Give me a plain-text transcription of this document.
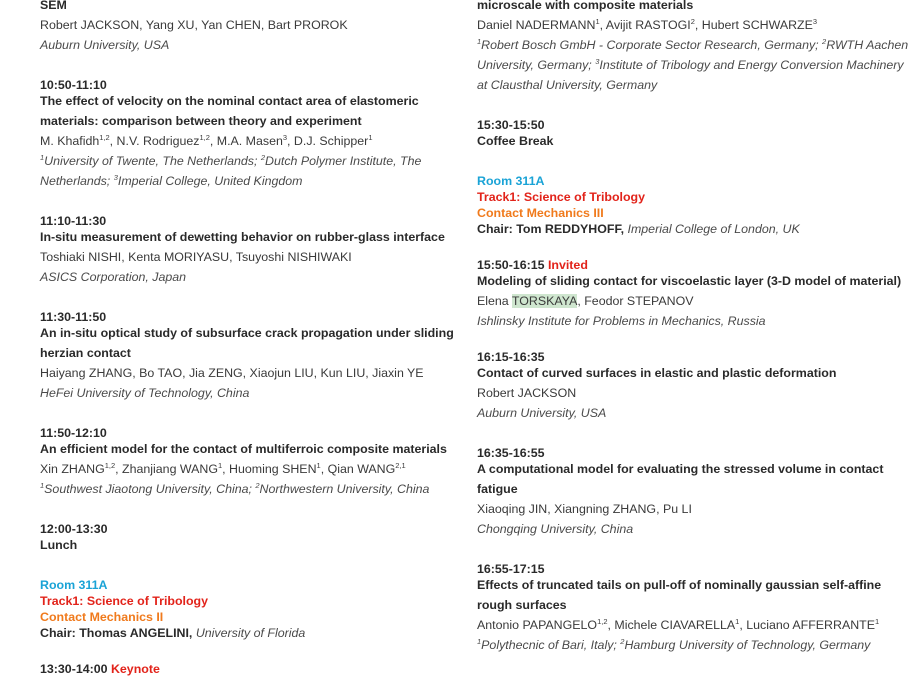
SEM
Robert JACKSON, Yang XU, Yan CHEN, Bart PROROK
Auburn University, USA
10:50-11:10
The effect of velocity on the nominal contact area of elastomeric
materials: comparison between theory and experiment
M. Khafidh$^{1,2}$, N.V. Rodriguez$^{1,2}$, M.A. Masen$^3$, D.J. Schipper$^1$
$^1$University of Twente, The Netherlands; $^2$Dutch Polymer Institute, The
Netherlands; $^3$Imperial College, United Kingdom
11:10-11:30
In-situ measurement of dewetting behavior on rubber-glass interface
Toshiaki NISHI, Kenta MORIYASU, Tsuyoshi NISHIWAKI
ASICS Corporation, Japan
11:30-11:50
An in-situ optical study of subsurface crack propagation under sliding
herzian contact
Haiyang ZHANG, Bo TAO, Jia ZENG, Xiaojun LIU, Kun LIU, Jiaxin YE
HeFei University of Technology, China
11:50-12:10
An efficient model for the contact of multiferroic composite materials
Xin ZHANG$^{1,2}$, Zhanjiang WANG$^1$, Huoming SHEN$^1$, Qian WANG$^{2,1}$
$^1$Southwest Jiaotong University, China; $^2$Northwestern University, China
12:00-13:30
Lunch
Room 311A
Track1: Science of Tribology
Contact Mechanics II
Chair: Thomas ANGELINI, University of Florida
13:30-14:00 Keynote
microscale with composite materials
Daniel NADERMANN$^1$, Avijit RASTOGI$^2$, Hubert SCHWARZE$^3$
$^1$Robert Bosch GmbH - Corporate Sector Research, Germany; $^2$RWTH Aachen
University, Germany; $^3$Institute of Tribology and Energy Conversion Machinery
at Clausthal University, Germany
15:30-15:50
Coffee Break
Room 311A
Track1: Science of Tribology
Contact Mechanics III
Chair: Tom REDDYHOFF, Imperial College of London, UK
15:50-16:15 Invited
Modeling of sliding contact for viscoelastic layer (3-D model of material)
Elena TORSKAYA, Feodor STEPANOV
Ishlinsky Institute for Problems in Mechanics, Russia
16:15-16:35
Contact of curved surfaces in elastic and plastic deformation
Robert JACKSON
Auburn University, USA
16:35-16:55
A computational model for evaluating the stressed volume in contact
fatigue
Xiaoqing JIN, Xiangning ZHANG, Pu LI
Chongqing University, China
16:55-17:15
Effects of truncated tails on pull-off of nominally gaussian self-affine
rough surfaces
Antonio PAPANGELO$^{1,2}$, Michele CIAVARELLA$^1$, Luciano AFFERRANTE$^1$
$^1$Polythecnic of Bari, Italy; $^2$Hamburg University of Technology, Germany
